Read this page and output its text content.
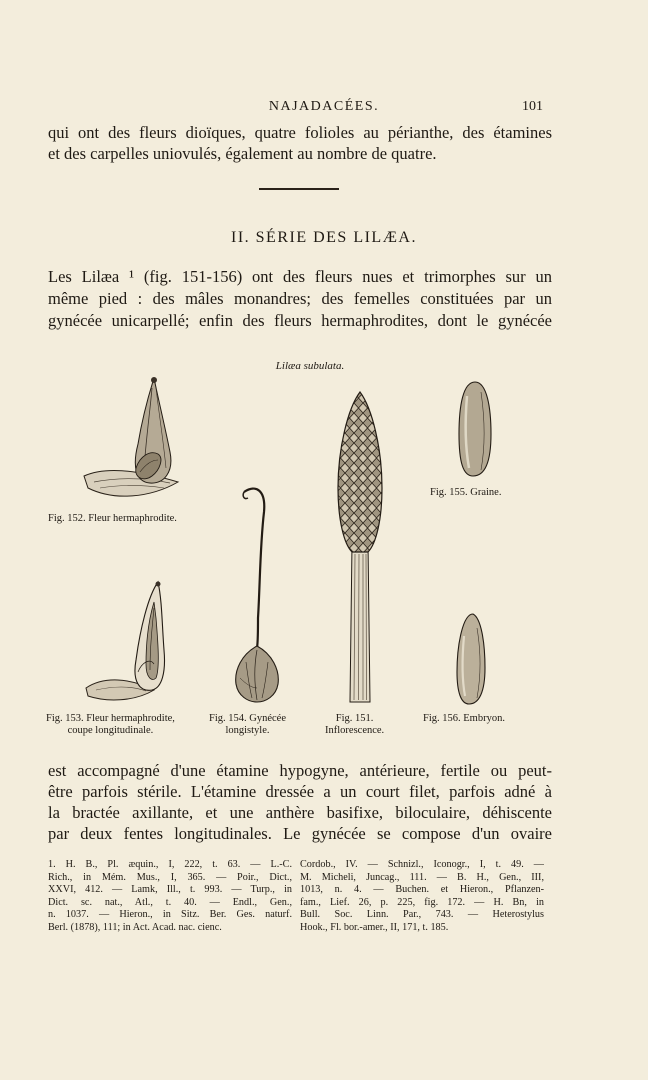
NAJADACÉES.	101

qui ont des fleurs dioïques, quatre folioles au périanthe, des étamines
et des carpelles uniovulés, également au nombre de quatre.

II. SÉRIE DES LILÆA.

Les Lilæa ¹ (fig. 151-156) ont des fleurs nues et trimorphes sur un
même pied : des mâles monandres; des femelles constituées par un
gynécée unicarpellé; enfin des fleurs hermaphrodites, dont le gynécée

Lilæa subulata.
Fig. 152. Fleur hermaphrodite.
Fig. 153. Fleur hermaphrodite,
coupe longitudinale.
Fig. 154. Gynécée
longistyle.
Fig. 151.
Inflorescence.
Fig. 155. Graine.
Fig. 156. Embryon.

est accompagné d'une étamine hypogyne, antérieure, fertile ou peut-
être parfois stérile. L'étamine dressée a un court filet, parfois adné à
la bractée axillante, et une anthère basifixe, biloculaire, déhiscente
par deux fentes longitudinales. Le gynécée se compose d'un ovaire

1. H. B., Pl. æquin., I, 222, t. 63. — L.-C.
Rich., in Mém. Mus., I, 365. — Poir., Dict.,
XXVI, 412. — Lamk, Ill., t. 993. — Turp., in
Dict. sc. nat., Atl., t. 40. — Endl., Gen.,
n. 1037. — Hieron., in Sitz. Ber. Ges. naturf.
Berl. (1878), 111; in Act. Acad. nac. cienc.
Cordob., IV. — Schnizl., Iconogr., I, t. 49. —
M. Micheli, Juncag., 111. — B. H., Gen., III,
1013, n. 4. — Buchen. et Hieron., Pflanzen-
fam., Lief. 26, p. 225, fig. 172. — H. Bn, in
Bull. Soc. Linn. Par., 743. — Heterostylus
Hook., Fl. bor.-amer., II, 171, t. 185.
